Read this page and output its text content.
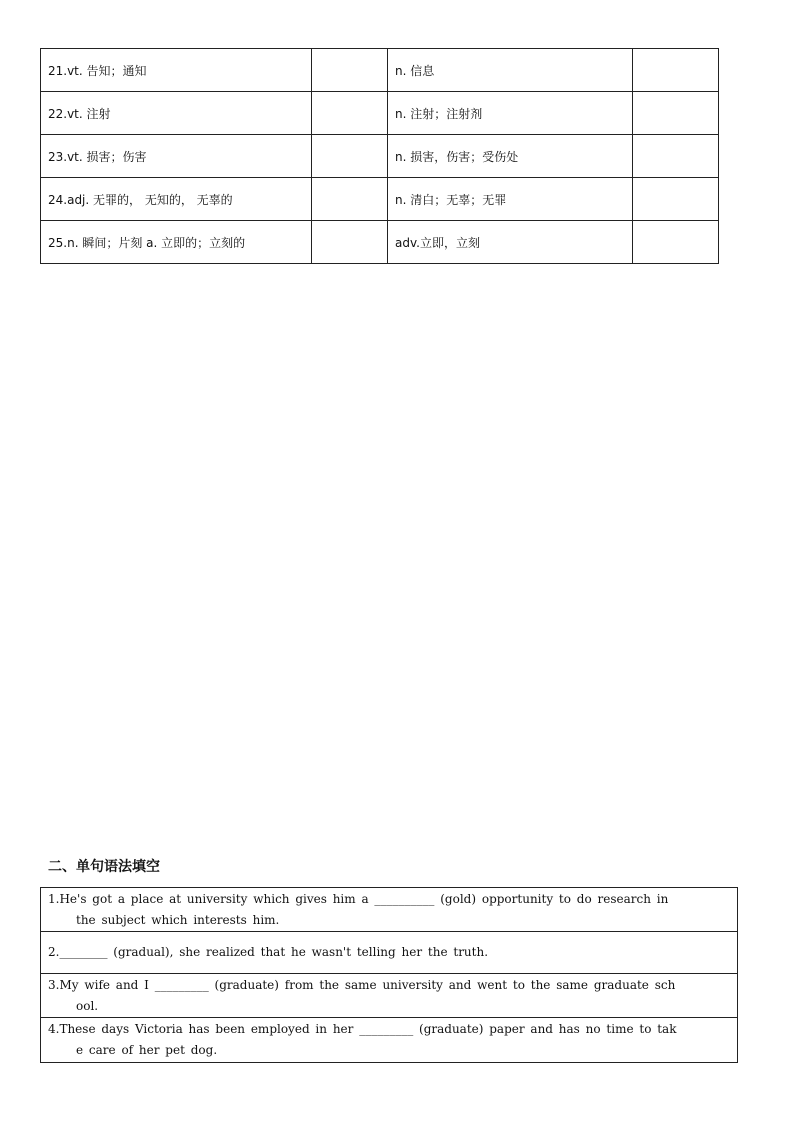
21.vt. 告知；通知		n. 信息	
22.vt. 注射		n. 注射；注射剂	
23.vt. 损害；伤害		n. 损害，伤害；受伤处	
24.adj. 无罪的， 无知的， 无辜的		n. 清白；无辜；无罪	
25.n. 瞬间；片刻 a. 立即的；立刻的		adv.立即，立刻	
二、单句语法填空
1.He's got a place at university which gives him a __________ (gold) opportunity to do research in
the subject which interests him.
2.________ (gradual), she realized that he wasn't telling her the truth.
3.My wife and I _________ (graduate) from the same university and went to the same graduate sch
ool.
4.These days Victoria has been employed in her _________ (graduate) paper and has no time to tak
e care of her pet dog.
